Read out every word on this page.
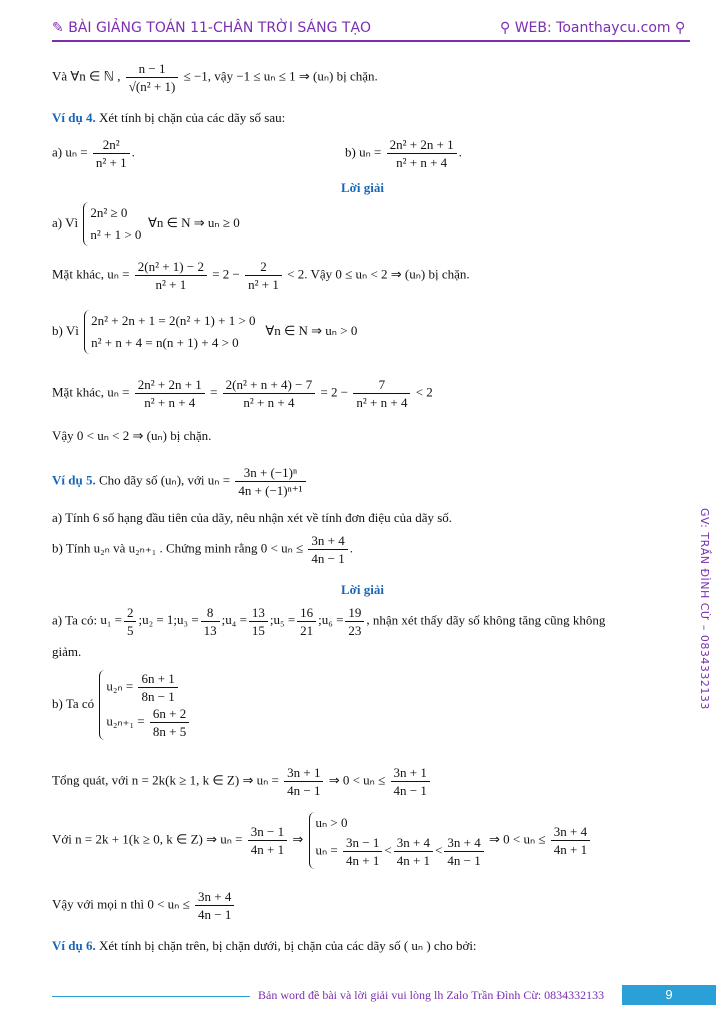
✎ BÀI GIẢNG TOÁN 11-CHÂN TRỜI SÁNG TẠO	⚲ WEB: Toanthaycu.com ⚲
Và ∀n ∈ ℕ , $\frac{n - 1}{\text{√(n² + 1)}} \le -1$, vậy −1 ≤ uₙ ≤ 1 ⇒ (uₙ) bị chặn.
Ví dụ 4. Xét tính bị chặn của các dãy số sau:
a) $u_n = \frac{\text{2n²}}{\text{n² + 1}}$ .	b) $u_n = \frac{\text{2n² + 2n + 1}}{\text{n² + n + 4}}$ .
Lời giải
a) Vì
2n² ≥ 0
n² + 1 > 0
∀n ∈ N ⇒ uₙ ≥ 0
Mặt khác, $u_n = \frac{\text{2(n² + 1) − 2}}{\text{n² + 1}} = 2 - \frac{2}{\text{n² + 1}} < 2$. Vậy 0 ≤ uₙ < 2 ⇒ (uₙ) bị chặn.
b) Vì
2n² + 2n + 1 = 2(n² + 1) + 1 > 0
n² + n + 4 = n(n + 1) + 4 > 0
∀n ∈ N ⇒ uₙ > 0
Mặt khác, $u_n = \frac{\text{2n² + 2n + 1}}{\text{n² + n + 4}} = \frac{\text{2(n² + n + 4) − 7}}{\text{n² + n + 4}} = 2 - \frac{7}{\text{n² + n + 4}} < 2$
Vậy 0 < uₙ < 2 ⇒ (uₙ) bị chặn.
Ví dụ 5. Cho dãy số (uₙ), với $u_n = \frac{\text{3n + (−1)ⁿ}}{\text{4n + (−1)ⁿ⁺¹}}$
a) Tính 6 số hạng đầu tiên của dãy, nêu nhận xét về tính đơn điệu của dãy số.
b) Tính u₂ₙ và u₂ₙ₊₁ . Chứng minh rằng $0 < u_n \le \frac{3n + 4}{4n - 1}$ .
Lời giải
a) Ta có: $u_1 = \frac{2}{5}$ ;u₂ = 1;u₃ = $\frac{8}{13}$ ;u₄ = $\frac{13}{15}$ ;u₅ = $\frac{16}{21}$ ;u₆ = $\frac{19}{23}$ , nhận xét thấy dãy số không tăng cũng không
giảm.
b) Ta có
$u_{2n} = \frac{6n + 1}{8n - 1}$
$u_{2n+1} = \frac{6n + 2}{8n + 5}$
Tổng quát, với n = 2k(k ≥ 1, k ∈ Z) ⇒ $u_n = \frac{3n + 1}{4n - 1}$ ⇒ $0 < u_n \le \frac{3n + 1}{4n - 1}$
Với n = 2k + 1(k ≥ 0, k ∈ Z) ⇒ $u_n = \frac{3n - 1}{4n + 1}$ ⇒
uₙ > 0
$u_n = \frac{3n - 1}{4n + 1} < \frac{3n + 4}{4n + 1} < \frac{3n + 4}{4n - 1}$ ⇒ $0 < u_n \le \frac{3n + 4}{4n + 1}$
Vậy với mọi n thì $0 < u_n \le \frac{3n + 4}{4n - 1}$
Ví dụ 6. Xét tính bị chặn trên, bị chặn dưới, bị chặn của các dãy số ( uₙ ) cho bởi:
GV: TRẦN ĐÌNH CỪ – 0834332133
Bản word đề bài và lời giải vui lòng lh Zalo Trần Đình Cừ: 0834332133	9
